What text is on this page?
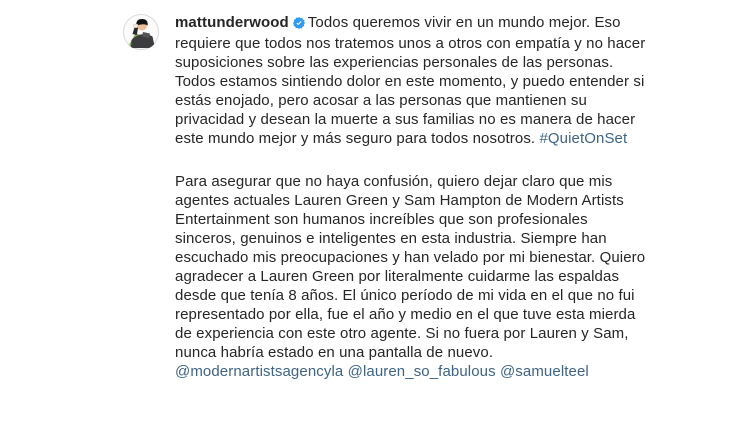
mattunderwood Todos queremos vivir en un mundo mejor. Eso requiere que todos nos tratemos unos a otros con empatía y no hacer suposiciones sobre las experiencias personales de las personas. Todos estamos sintiendo dolor en este momento, y puedo entender si estás enojado, pero acosar a las personas que mantienen su privacidad y desean la muerte a sus familias no es manera de hacer este mundo mejor y más seguro para todos nosotros. #QuietOnSet

Para asegurar que no haya confusión, quiero dejar claro que mis agentes actuales Lauren Green y Sam Hampton de Modern Artists Entertainment son humanos increíbles que son profesionales sinceros, genuinos e inteligentes en esta industria. Siempre han escuchado mis preocupaciones y han velado por mi bienestar. Quiero agradecer a Lauren Green por literalmente cuidarme las espaldas desde que tenía 8 años. El único período de mi vida en el que no fui representado por ella, fue el año y medio en el que tuve esta mierda de experiencia con este otro agente. Si no fuera por Lauren y Sam, nunca habría estado en una pantalla de nuevo. @modernartistsagencyla @lauren_so_fabulous @samuelteel
